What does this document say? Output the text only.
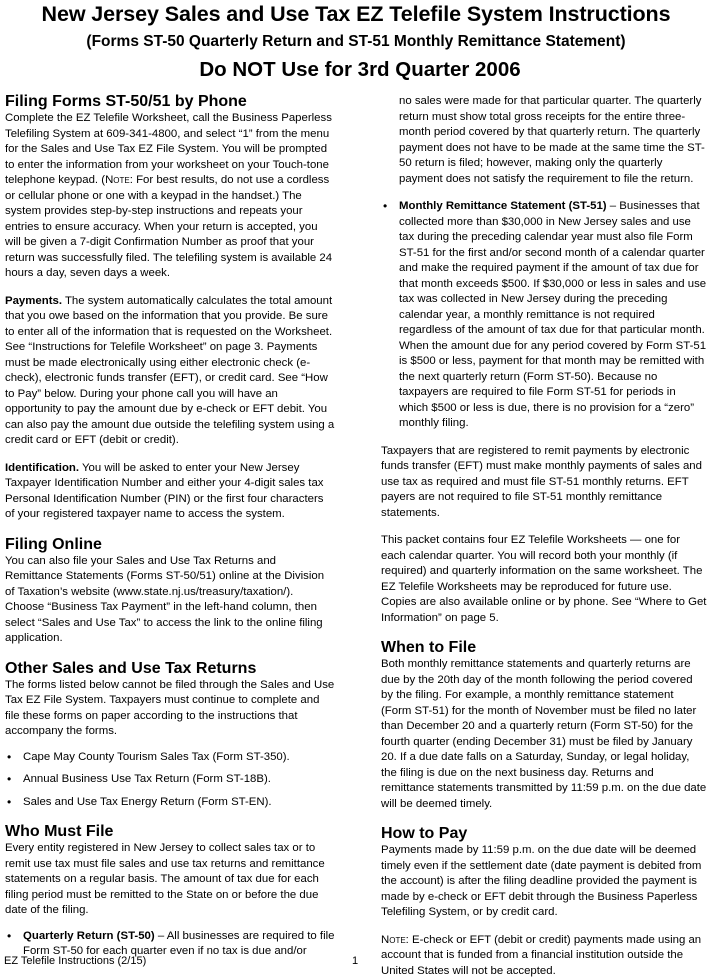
New Jersey Sales and Use Tax EZ Telefile System Instructions
(Forms ST-50 Quarterly Return and ST-51 Monthly Remittance Statement)
Do NOT Use for 3rd Quarter 2006
Filing Forms ST-50/51 by Phone

Complete the EZ Telefile Worksheet, call the Business Paperless Telefiling System at 609-341-4800, and select “1” from the menu for the Sales and Use Tax EZ File System. You will be prompted to enter the information from your worksheet on your Touch-tone telephone keypad. (Note: For best results, do not use a cordless or cellular phone or one with a keypad in the handset.) The system provides step-by-step instructions and repeats your entries to ensure accuracy. When your return is accepted, you will be given a 7-digit Confirmation Number as proof that your return was successfully filed. The telefiling system is available 24 hours a day, seven days a week.

Payments. The system automatically calculates the total amount that you owe based on the information that you provide. Be sure to enter all of the information that is requested on the Worksheet. See “Instructions for Telefile Worksheet” on page 3. Payments must be made electronically using either electronic check (e-check), electronic funds transfer (EFT), or credit card. See “How to Pay” below. During your phone call you will have an opportunity to pay the amount due by e-check or EFT debit. You can also pay the amount due outside the telefiling system using a credit card or EFT (debit or credit).

Identification. You will be asked to enter your New Jersey Taxpayer Identification Number and either your 4-digit sales tax Personal Identification Number (PIN) or the first four characters of your registered taxpayer name to access the system.

Filing Online

You can also file your Sales and Use Tax Returns and Remittance Statements (Forms ST-50/51) online at the Division of Taxation’s website (www.state.nj.us/treasury/taxation/). Choose “Business Tax Payment” in the left-hand column, then select “Sales and Use Tax” to access the link to the online filing application.

Other Sales and Use Tax Returns

The forms listed below cannot be filed through the Sales and Use Tax EZ File System. Taxpayers must continue to complete and file these forms on paper according to the instructions that accompany the forms.

• Cape May County Tourism Sales Tax (Form ST-350).
• Annual Business Use Tax Return (Form ST-18B).
• Sales and Use Tax Energy Return (Form ST-EN).
Who Must File

Every entity registered in New Jersey to collect sales tax or to remit use tax must file sales and use tax returns and remittance statements on a regular basis. The amount of tax due for each filing period must be remitted to the State on or before the due date of the filing.

• Quarterly Return (ST-50) – All businesses are required to file Form ST-50 for each quarter even if no tax is due and/or

no sales were made for that particular quarter. The quarterly return must show total gross receipts for the entire three-month period covered by that quarterly return. The quarterly payment does not have to be made at the same time the ST-50 return is filed; however, making only the quarterly payment does not satisfy the requirement to file the return.

• Monthly Remittance Statement (ST-51) – Businesses that collected more than $30,000 in New Jersey sales and use tax during the preceding calendar year must also file Form ST-51 for the first and/or second month of a calendar quarter and make the required payment if the amount of tax due for that month exceeds $500. If $30,000 or less in sales and use tax was collected in New Jersey during the preceding calendar year, a monthly remittance is not required regardless of the amount of tax due for that particular month. When the amount due for any period covered by Form ST-51 is $500 or less, payment for that month may be remitted with the next quarterly return (Form ST-50). Because no taxpayers are required to file Form ST-51 for periods in which $500 or less is due, there is no provision for a “zero” monthly filing.

Taxpayers that are registered to remit payments by electronic funds transfer (EFT) must make monthly payments of sales and use tax as required and must file ST-51 monthly returns. EFT payers are not required to file ST-51 monthly remittance statements.

This packet contains four EZ Telefile Worksheets — one for each calendar quarter. You will record both your monthly (if required) and quarterly information on the same worksheet. The EZ Telefile Worksheets may be reproduced for future use. Copies are also available online or by phone. See “Where to Get Information” on page 5.

When to File

Both monthly remittance statements and quarterly returns are due by the 20th day of the month following the period covered by the filing. For example, a monthly remittance statement (Form ST-51) for the month of November must be filed no later than December 20 and a quarterly return (Form ST-50) for the fourth quarter (ending December 31) must be filed by January 20. If a due date falls on a Saturday, Sunday, or legal holiday, the filing is due on the next business day. Returns and remittance statements transmitted by 11:59 p.m. on the due date will be deemed timely.

How to Pay

Payments made by 11:59 p.m. on the due date will be deemed timely even if the settlement date (date payment is debited from the account) is after the filing deadline provided the payment is made by e-check or EFT debit through the Business Paperless Telefiling System, or by credit card.

Note: E-check or EFT (debit or credit) payments made using an account that is funded from a financial institution outside the United States will not be accepted.

EZ Telefile Instructions (2/15)	1
